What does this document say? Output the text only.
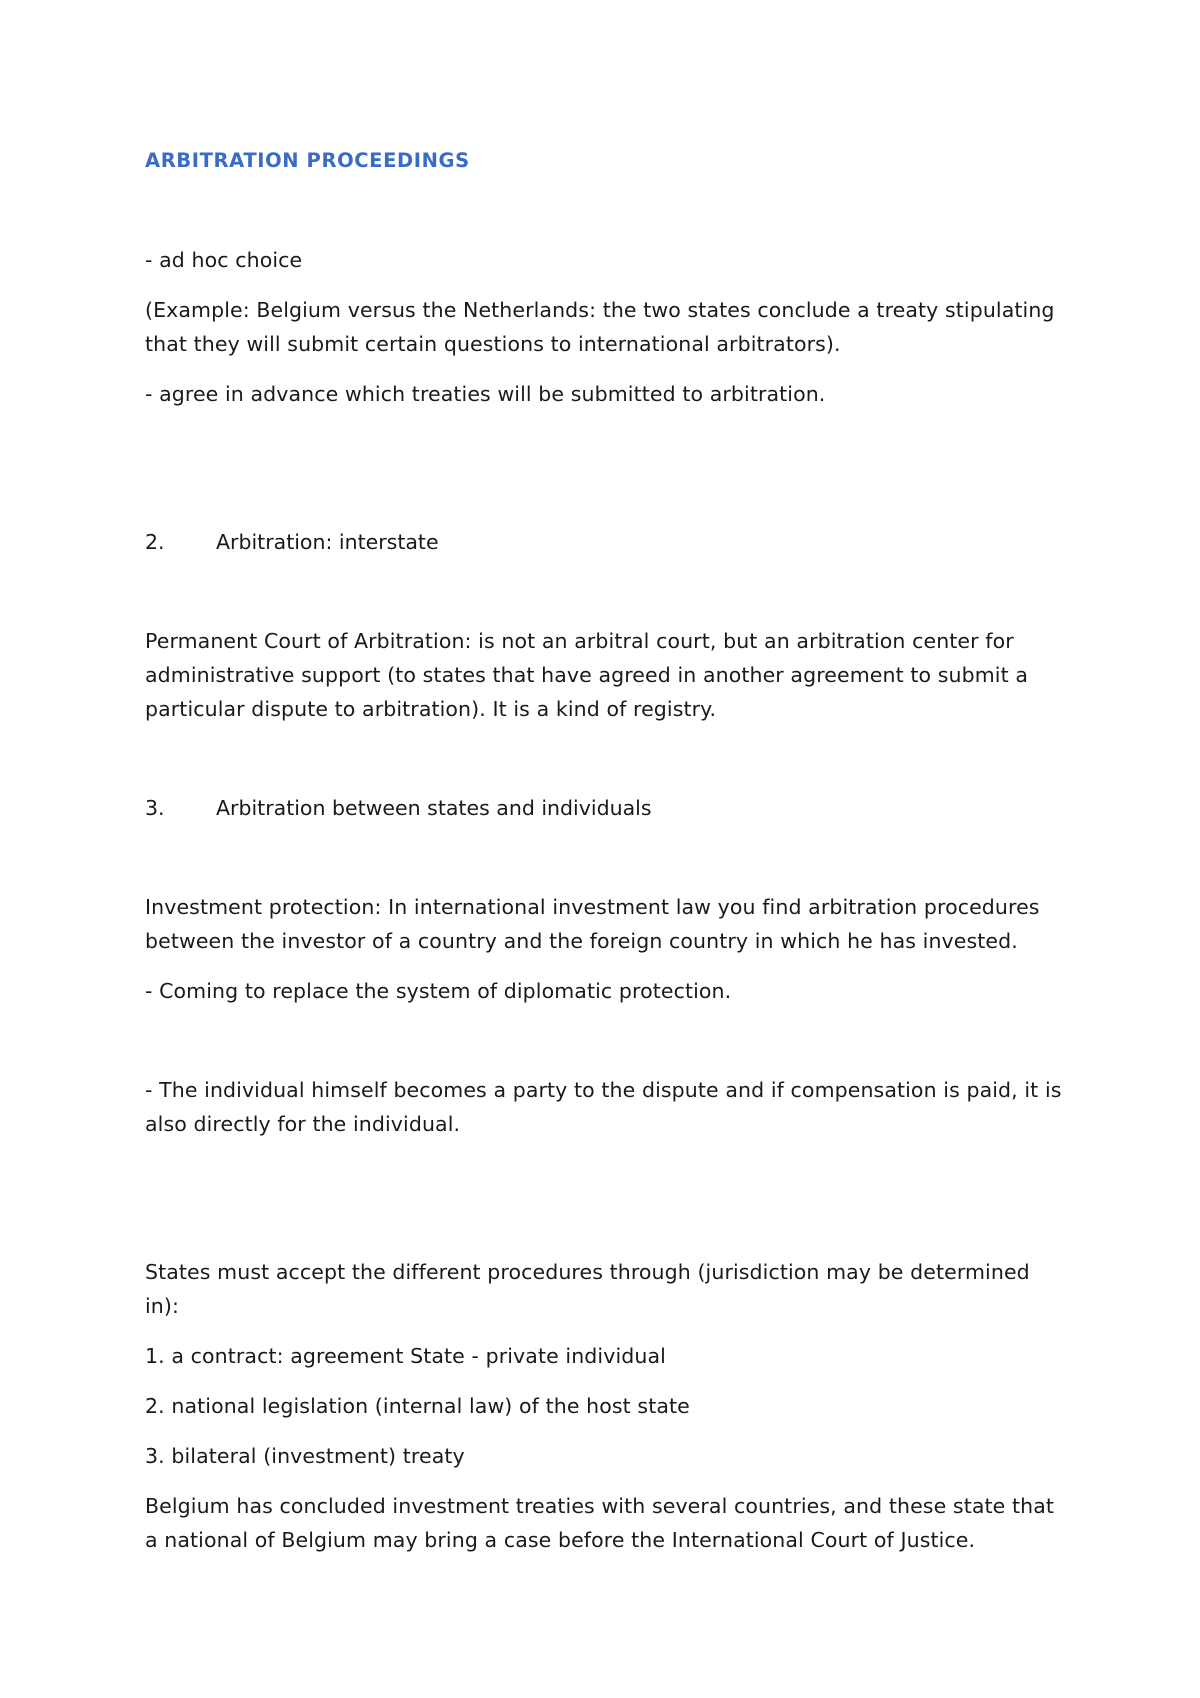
ARBITRATION PROCEEDINGS
- ad hoc choice
(Example: Belgium versus the Netherlands: the two states conclude a treaty stipulating
that they will submit certain questions to international arbitrators).
- agree in advance which treaties will be submitted to arbitration.
2.	Arbitration: interstate
Permanent Court of Arbitration: is not an arbitral court, but an arbitration center for
administrative support (to states that have agreed in another agreement to submit a
particular dispute to arbitration). It is a kind of registry.
3.	Arbitration between states and individuals
Investment protection: In international investment law you find arbitration procedures
between the investor of a country and the foreign country in which he has invested.
- Coming to replace the system of diplomatic protection.
- The individual himself becomes a party to the dispute and if compensation is paid, it is
also directly for the individual.
States must accept the different procedures through (jurisdiction may be determined
in):
1. a contract: agreement State - private individual
2. national legislation (internal law) of the host state
3. bilateral (investment) treaty
Belgium has concluded investment treaties with several countries, and these state that
a national of Belgium may bring a case before the International Court of Justice.
